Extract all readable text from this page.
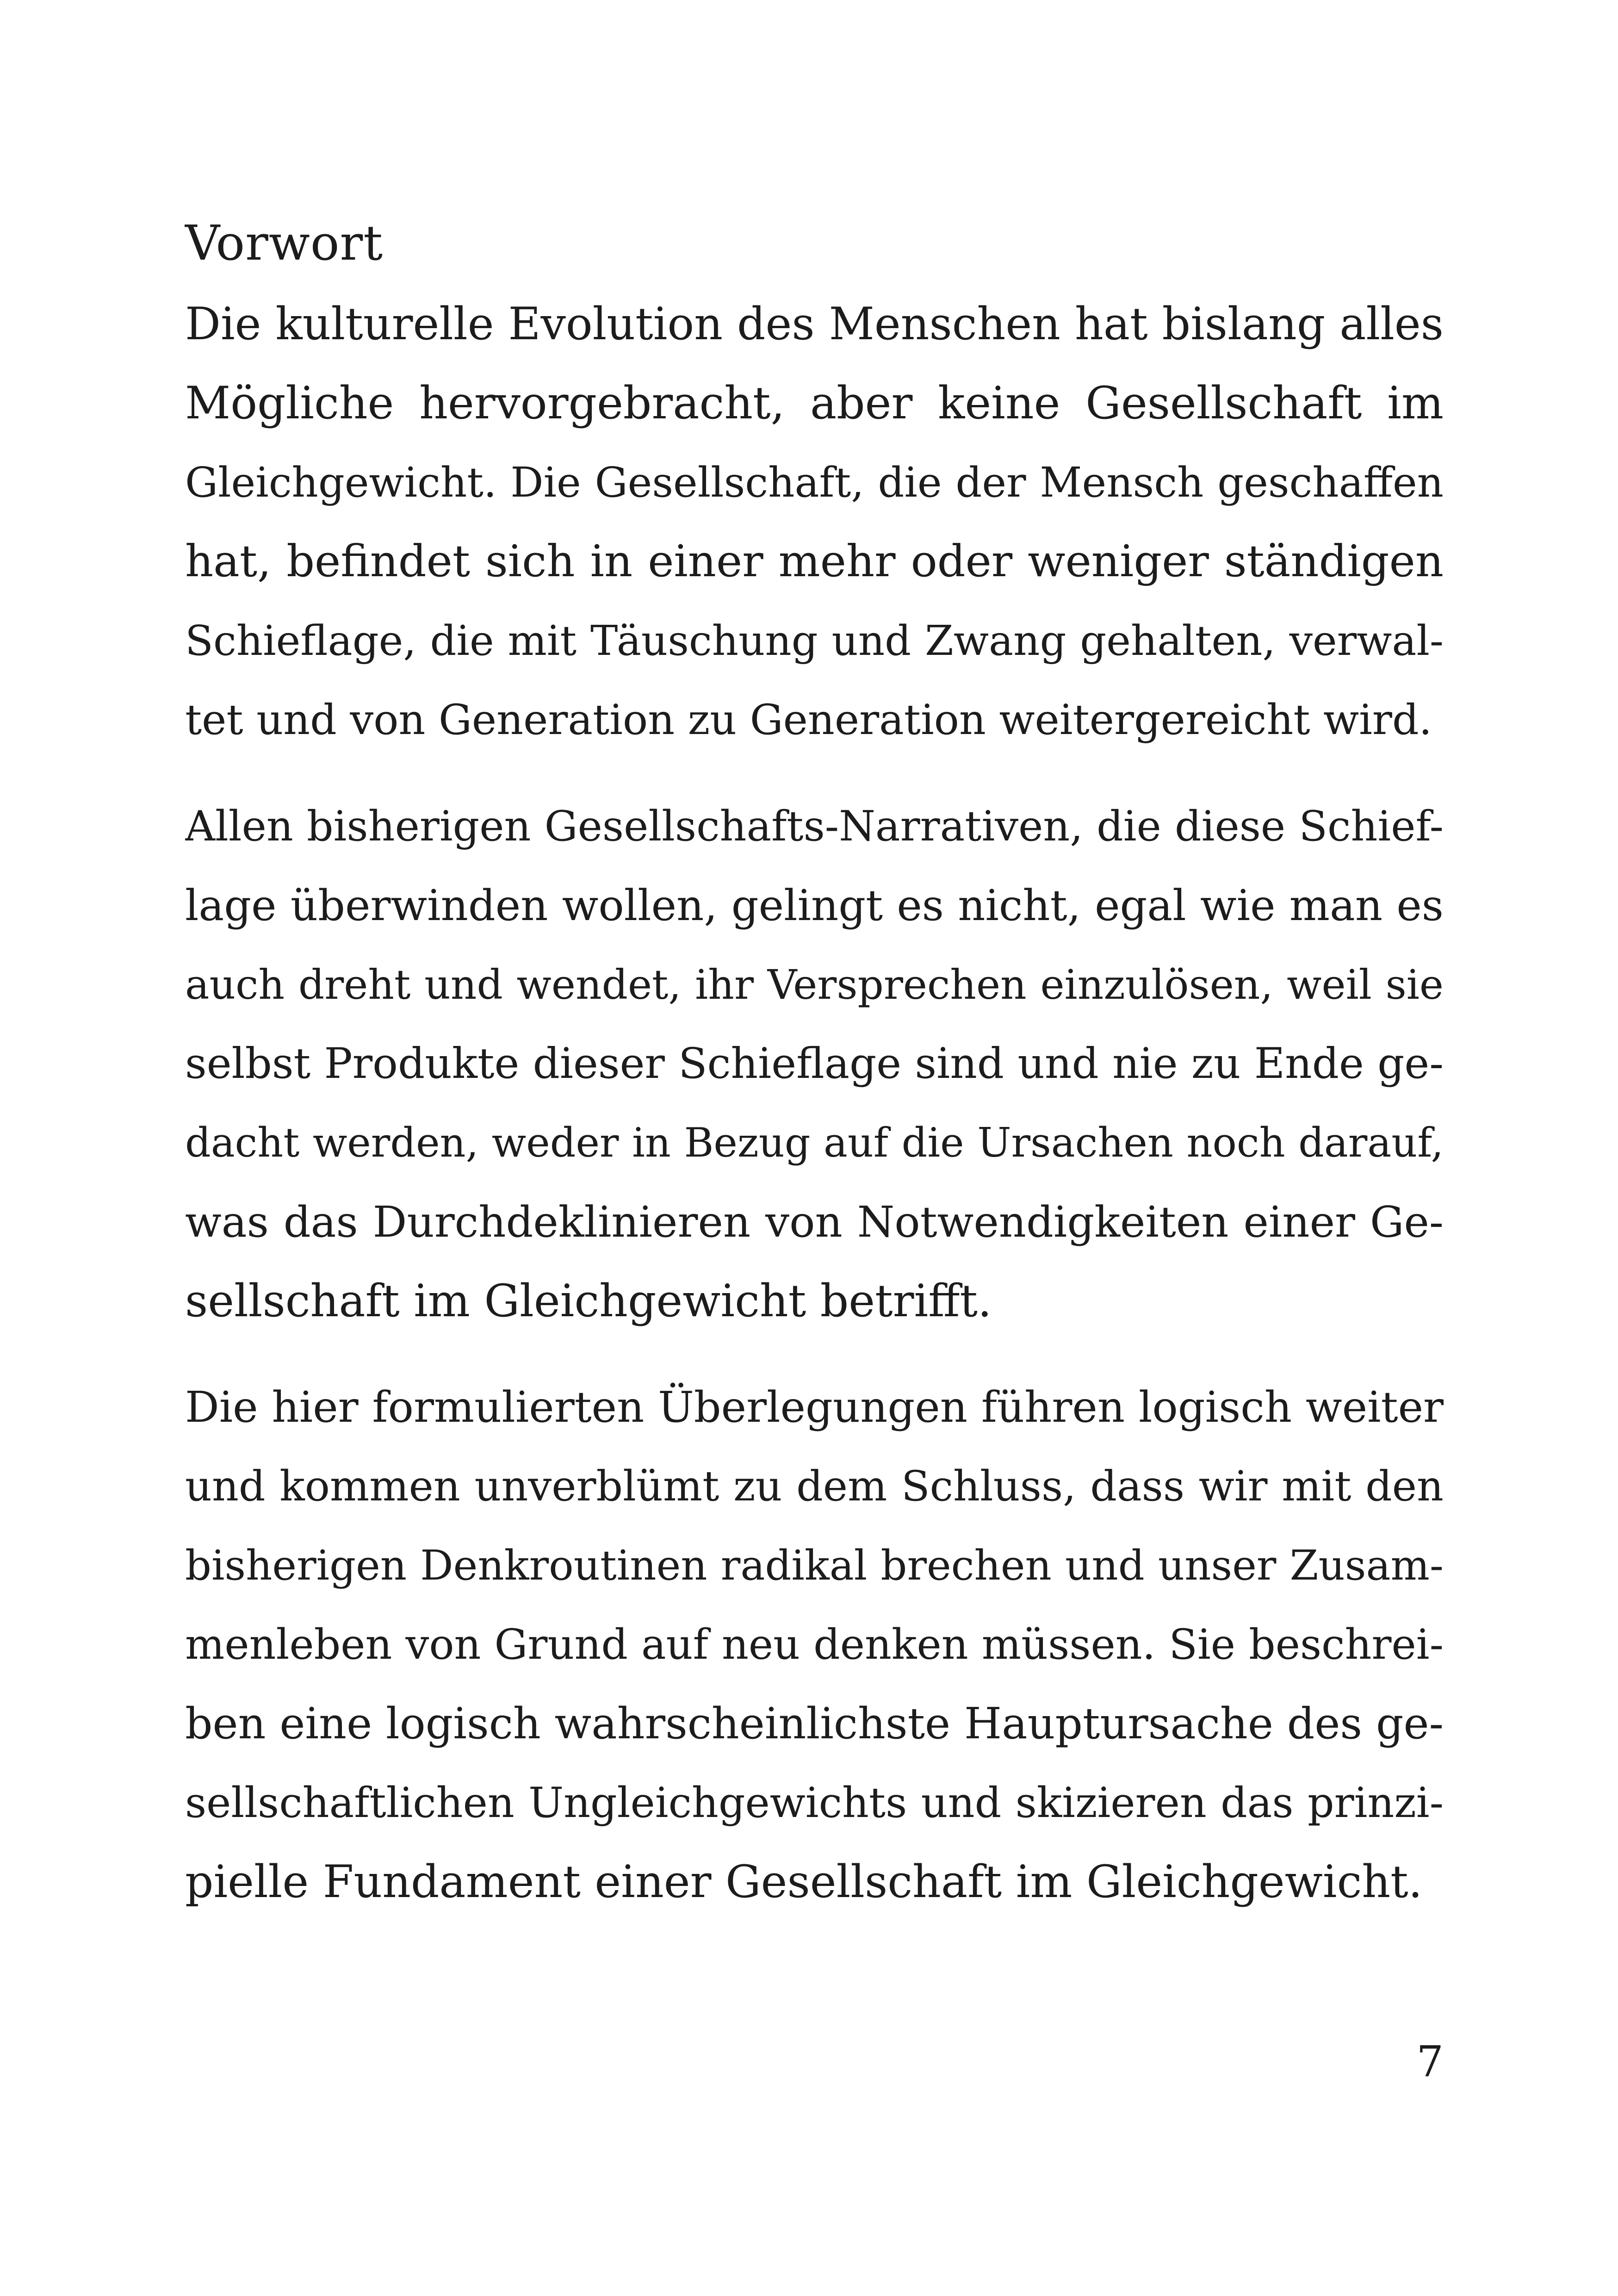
Vorwort
Die kulturelle Evolution des Menschen hat bislang alles
Mögliche hervorgebracht, aber keine Gesellschaft im
Gleichgewicht. Die Gesellschaft, die der Mensch geschaffen
hat, befindet sich in einer mehr oder weniger ständigen
Schieflage, die mit Täuschung und Zwang gehalten, verwal-
tet und von Generation zu Generation weitergereicht wird.
Allen bisherigen Gesellschafts-Narrativen, die diese Schief-
lage überwinden wollen, gelingt es nicht, egal wie man es
auch dreht und wendet, ihr Versprechen einzulösen, weil sie
selbst Produkte dieser Schieflage sind und nie zu Ende ge-
dacht werden, weder in Bezug auf die Ursachen noch darauf,
was das Durchdeklinieren von Notwendigkeiten einer Ge-
sellschaft im Gleichgewicht betrifft.
Die hier formulierten Überlegungen führen logisch weiter
und kommen unverblümt zu dem Schluss, dass wir mit den
bisherigen Denkroutinen radikal brechen und unser Zusam-
menleben von Grund auf neu denken müssen. Sie beschrei-
ben eine logisch wahrscheinlichste Hauptursache des ge-
sellschaftlichen Ungleichgewichts und skizieren das prinzi-
pielle Fundament einer Gesellschaft im Gleichgewicht.

7
